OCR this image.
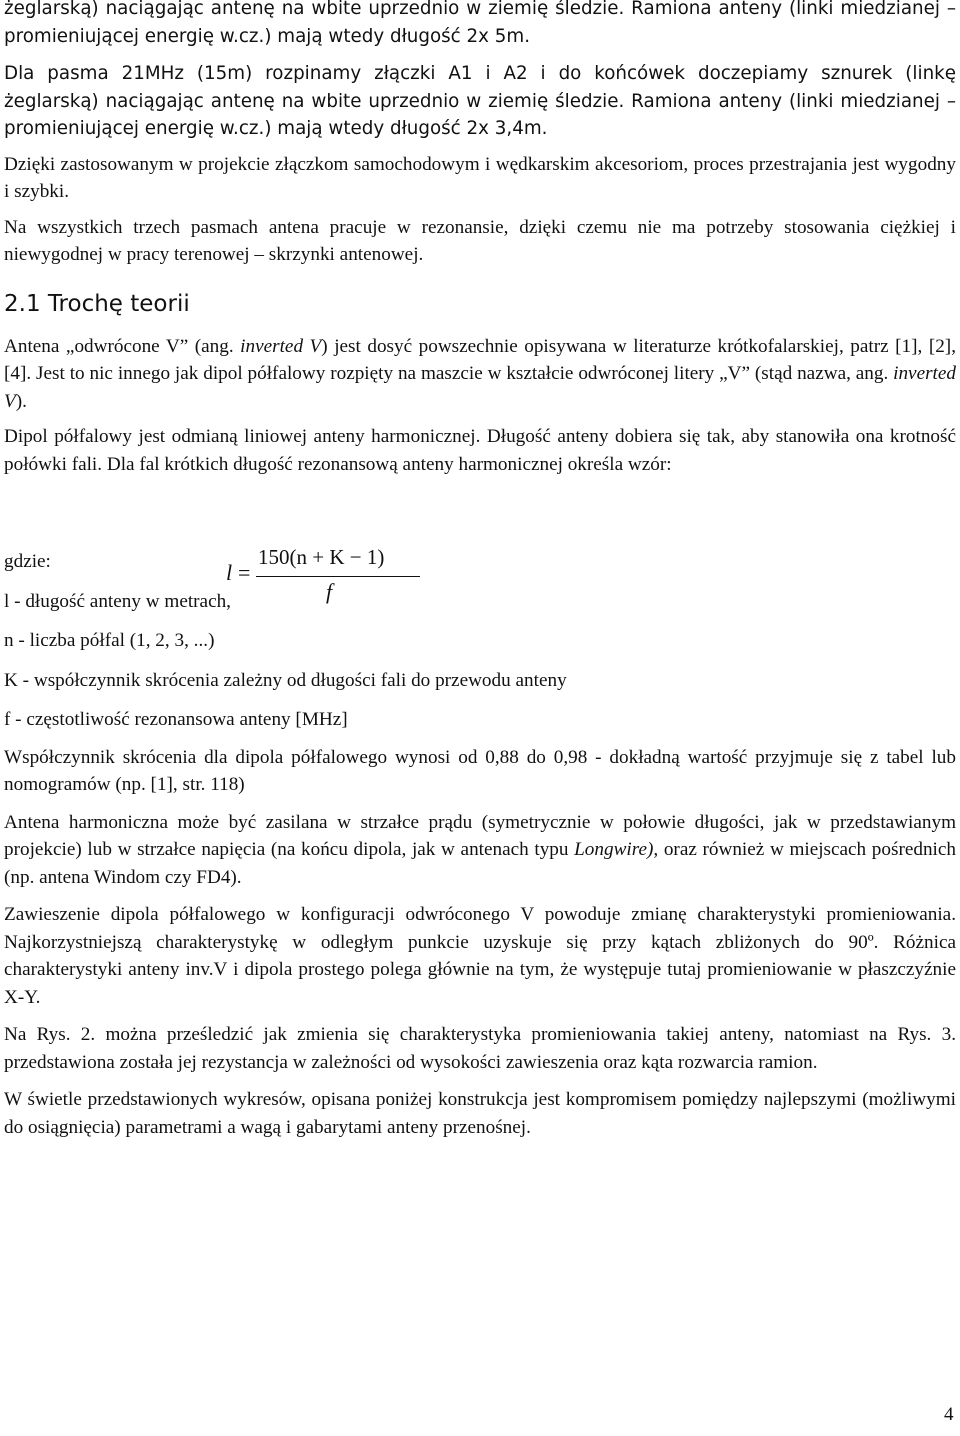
żeglarską) naciągając antenę na wbite uprzednio w ziemię śledzie. Ramiona anteny (linki miedzianej – promieniującej energię w.cz.) mają wtedy długość 2x 5m.

Dla pasma 21MHz (15m) rozpinamy złączki A1 i A2 i do końcówek doczepiamy sznurek (linkę żeglarską) naciągając antenę na wbite uprzednio w ziemię śledzie. Ramiona anteny (linki miedzianej – promieniującej energię w.cz.) mają wtedy długość 2x 3,4m.

Dzięki zastosowanym w projekcie złączkom samochodowym i wędkarskim akcesoriom, proces przestrajania jest wygodny i szybki.

Na wszystkich trzech pasmach antena pracuje w rezonansie, dzięki czemu nie ma potrzeby stosowania ciężkiej i niewygodnej w pracy terenowej – skrzynki antenowej.

2.1 Trochę teorii

Antena „odwrócone V” (ang. inverted V) jest dosyć powszechnie opisywana w literaturze krótkofalarskiej, patrz [1], [2], [4]. Jest to nic innego jak dipol półfalowy rozpięty na maszcie w kształcie odwróconej litery „V” (stąd nazwa, ang. inverted V).

Dipol półfalowy jest odmianą liniowej anteny harmonicznej. Długość anteny dobiera się tak, aby stanowiła ona krotność połówki fali. Dla fal krótkich długość rezonansową anteny harmonicznej określa wzór:

gdzie:

l - długość anteny w metrach,

n - liczba półfal (1, 2, 3, ...)

K - współczynnik skrócenia zależny od długości fali do przewodu anteny

f - częstotliwość rezonansowa anteny [MHz]

Współczynnik skrócenia dla dipola półfalowego wynosi od 0,88 do 0,98 - dokładną wartość przyjmuje się z tabel lub nomogramów (np. [1], str. 118)

Antena harmoniczna może być zasilana w strzałce prądu (symetrycznie w połowie długości, jak w przedstawianym projekcie) lub w strzałce napięcia (na końcu dipola, jak w antenach typu Longwire), oraz również w miejscach pośrednich (np. antena Windom czy FD4).

Zawieszenie dipola półfalowego w konfiguracji odwróconego V powoduje zmianę charakterystyki promieniowania. Najkorzystniejszą charakterystykę w odległym punkcie uzyskuje się przy kątach zbliżonych do 90º. Różnica charakterystyki anteny inv.V i dipola prostego polega głównie na tym, że występuje tutaj promieniowanie w płaszczyźnie X-Y.

Na Rys. 2. można prześledzić jak zmienia się charakterystyka promieniowania takiej anteny, natomiast na Rys. 3. przedstawiona została jej rezystancja w zależności od wysokości zawieszenia oraz kąta rozwarcia ramion.

W świetle przedstawionych wykresów, opisana poniżej konstrukcja jest kompromisem pomiędzy najlepszymi (możliwymi do osiągnięcia) parametrami a wagą i gabarytami anteny przenośnej.

l =
150(n + K − 1)
f
4
